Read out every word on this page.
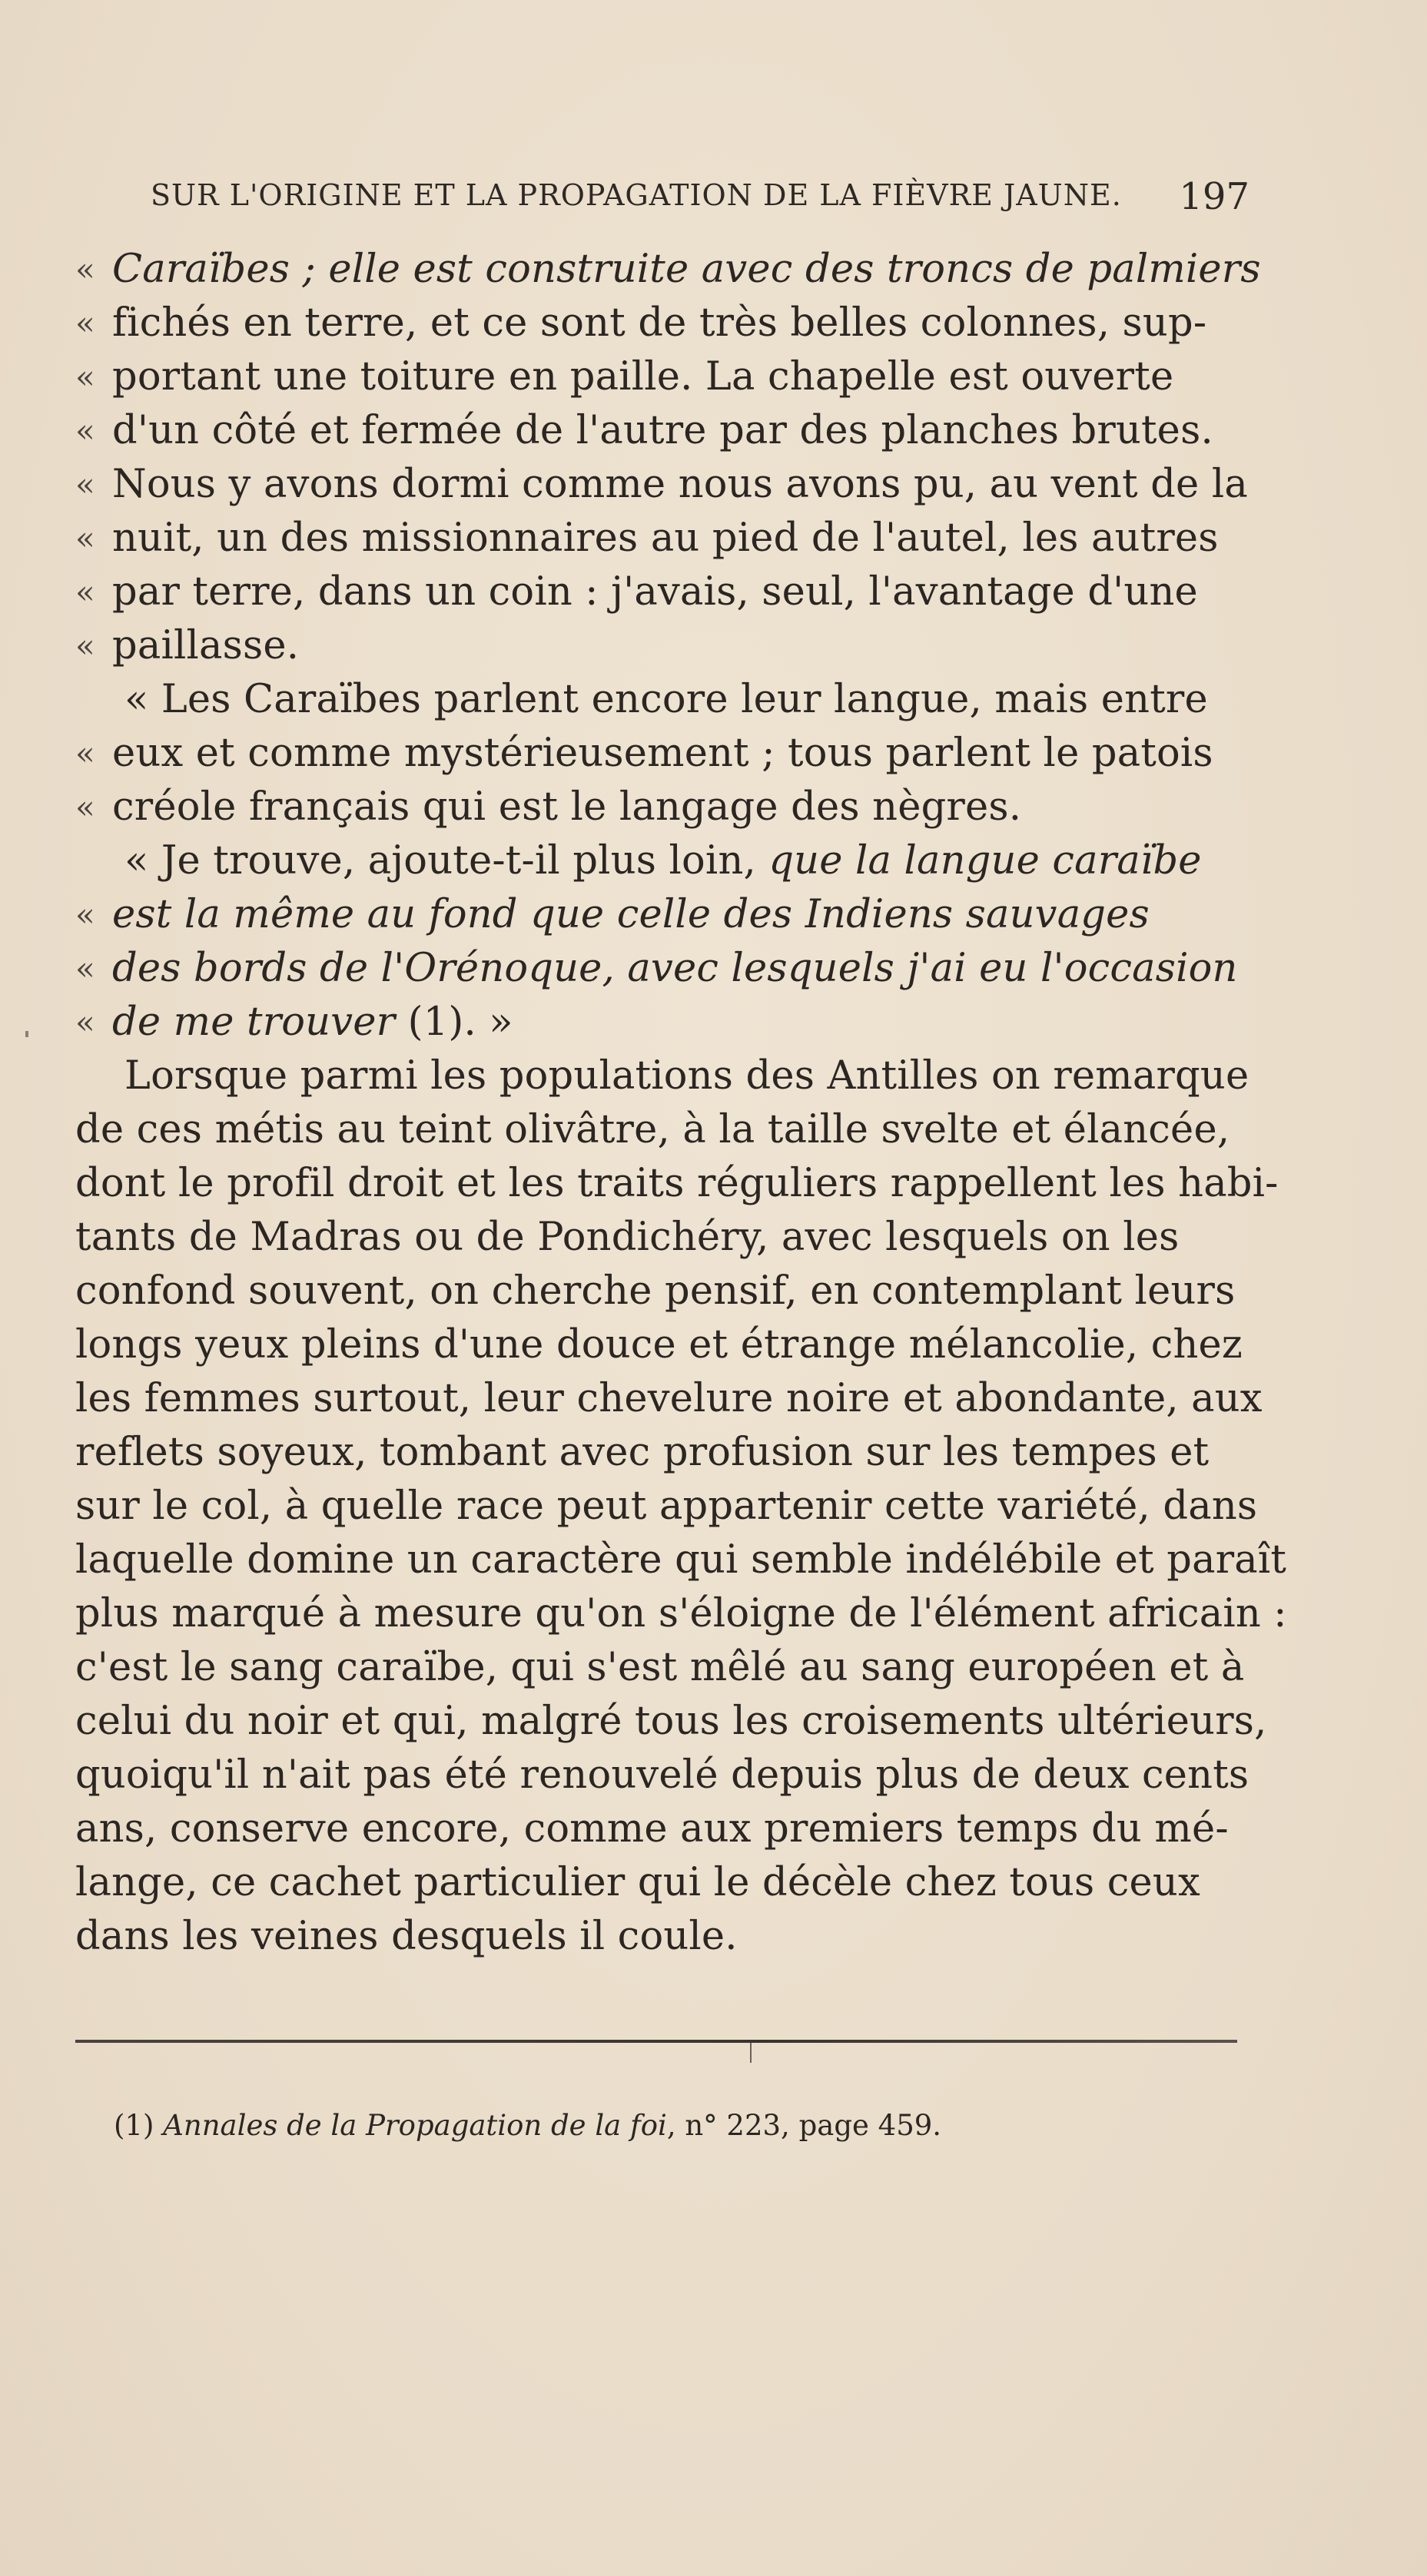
SUR L'ORIGINE ET LA PROPAGATION DE LA FIÈVRE JAUNE. 197
« Caraïbes ; elle est construite avec des troncs de palmiers
« fichés en terre, et ce sont de très belles colonnes, sup-
« portant une toiture en paille. La chapelle est ouverte
« d'un côté et fermée de l'autre par des planches brutes.
« Nous y avons dormi comme nous avons pu, au vent de la
« nuit, un des missionnaires au pied de l'autel, les autres
« par terre, dans un coin : j'avais, seul, l'avantage d'une
« paillasse.
« Les Caraïbes parlent encore leur langue, mais entre
« eux et comme mystérieusement ; tous parlent le patois
« créole français qui est le langage des nègres.
« Je trouve, ajoute-t-il plus loin, que la langue caraïbe
« est la même au fond que celle des Indiens sauvages
« des bords de l'Orénoque, avec lesquels j'ai eu l'occasion
« de me trouver (1). »
Lorsque parmi les populations des Antilles on remarque
de ces métis au teint olivâtre, à la taille svelte et élancée,
dont le profil droit et les traits réguliers rappellent les habi-
tants de Madras ou de Pondichéry, avec lesquels on les
confond souvent, on cherche pensif, en contemplant leurs
longs yeux pleins d'une douce et étrange mélancolie, chez
les femmes surtout, leur chevelure noire et abondante, aux
reflets soyeux, tombant avec profusion sur les tempes et
sur le col, à quelle race peut appartenir cette variété, dans
laquelle domine un caractère qui semble indélébile et paraît
plus marqué à mesure qu'on s'éloigne de l'élément africain :
c'est le sang caraïbe, qui s'est mêlé au sang européen et à
celui du noir et qui, malgré tous les croisements ultérieurs,
quoiqu'il n'ait pas été renouvelé depuis plus de deux cents
ans, conserve encore, comme aux premiers temps du mé-
lange, ce cachet particulier qui le décèle chez tous ceux
dans les veines desquels il coule.
(1) Annales de la Propagation de la foi, n° 223, page 459.
